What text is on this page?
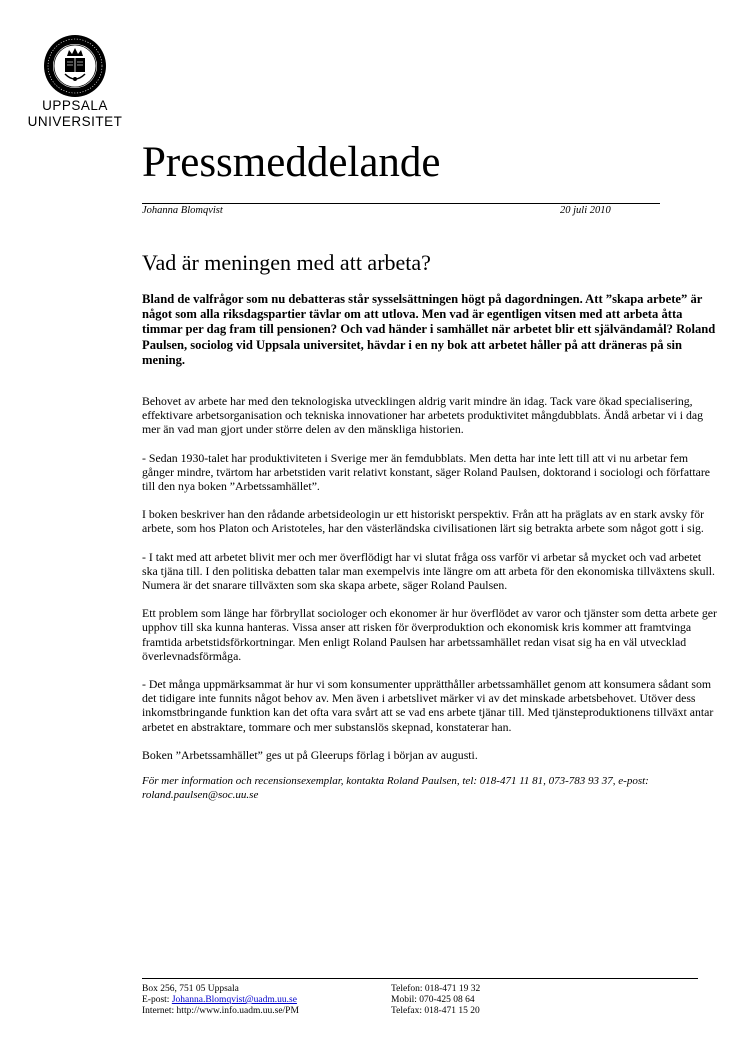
UPPSALA
UNIVERSITET
Pressmeddelande
Johanna Blomqvist	20 juli 2010
Vad är meningen med att arbeta?

Bland de valfrågor som nu debatteras står sysselsättningen högt på dagordningen. Att ”skapa arbete” är något som alla riksdagspartier tävlar om att utlova. Men vad är egentligen vitsen med att arbeta åtta timmar per dag fram till pensionen? Och vad händer i samhället när arbetet blir ett självändamål? Roland Paulsen, sociolog vid Uppsala universitet, hävdar i en ny bok att arbetet håller på att dräneras på sin mening.

Behovet av arbete har med den teknologiska utvecklingen aldrig varit mindre än idag. Tack vare ökad specialisering, effektivare arbetsorganisation och tekniska innovationer har arbetets produktivitet mångdubblats. Ändå arbetar vi i dag mer än vad man gjort under större delen av den mänskliga historien.

- Sedan 1930-talet har produktiviteten i Sverige mer än femdubblats. Men detta har inte lett till att vi nu arbetar fem gånger mindre, tvärtom har arbetstiden varit relativt konstant, säger Roland Paulsen, doktorand i sociologi och författare till den nya boken ”Arbetssamhället”.

I boken beskriver han den rådande arbetsideologin ur ett historiskt perspektiv. Från att ha präglats av en stark avsky för arbete, som hos Platon och Aristoteles, har den västerländska civilisationen lärt sig betrakta arbete som något gott i sig.

- I takt med att arbetet blivit mer och mer överflödigt har vi slutat fråga oss varför vi arbetar så mycket och vad arbetet ska tjäna till. I den politiska debatten talar man exempelvis inte längre om att arbeta för den ekonomiska tillväxtens skull. Numera är det snarare tillväxten som ska skapa arbete, säger Roland Paulsen.

Ett problem som länge har förbryllat sociologer och ekonomer är hur överflödet av varor och tjänster som detta arbete ger upphov till ska kunna hanteras. Vissa anser att risken för överproduktion och ekonomisk kris kommer att framtvinga framtida arbetstidsförkortningar. Men enligt Roland Paulsen har arbetssamhället redan visat sig ha en väl utvecklad överlevnadsförmåga.

- Det många uppmärksammat är hur vi som konsumenter upprätthåller arbetssamhället genom att konsumera sådant som det tidigare inte funnits något behov av. Men även i arbetslivet märker vi av det minskade arbetsbehovet. Utöver dess inkomstbringande funktion kan det ofta vara svårt att se vad ens arbete tjänar till. Med tjänsteproduktionens tillväxt antar arbetet en abstraktare, tommare och mer substanslös skepnad, konstaterar han.

Boken ”Arbetssamhället” ges ut på Gleerups förlag i början av augusti.

För mer information och recensionsexemplar, kontakta Roland Paulsen, tel: 018-471 11 81, 073-783 93 37, e-post: roland.paulsen@soc.uu.se

Box 256, 751 05 Uppsala
E-post: Johanna.Blomqvist@uadm.uu.se
Internet: http://www.info.uadm.uu.se/PM
Telefon: 018-471 19 32
Mobil: 070-425 08 64
Telefax: 018-471 15 20
